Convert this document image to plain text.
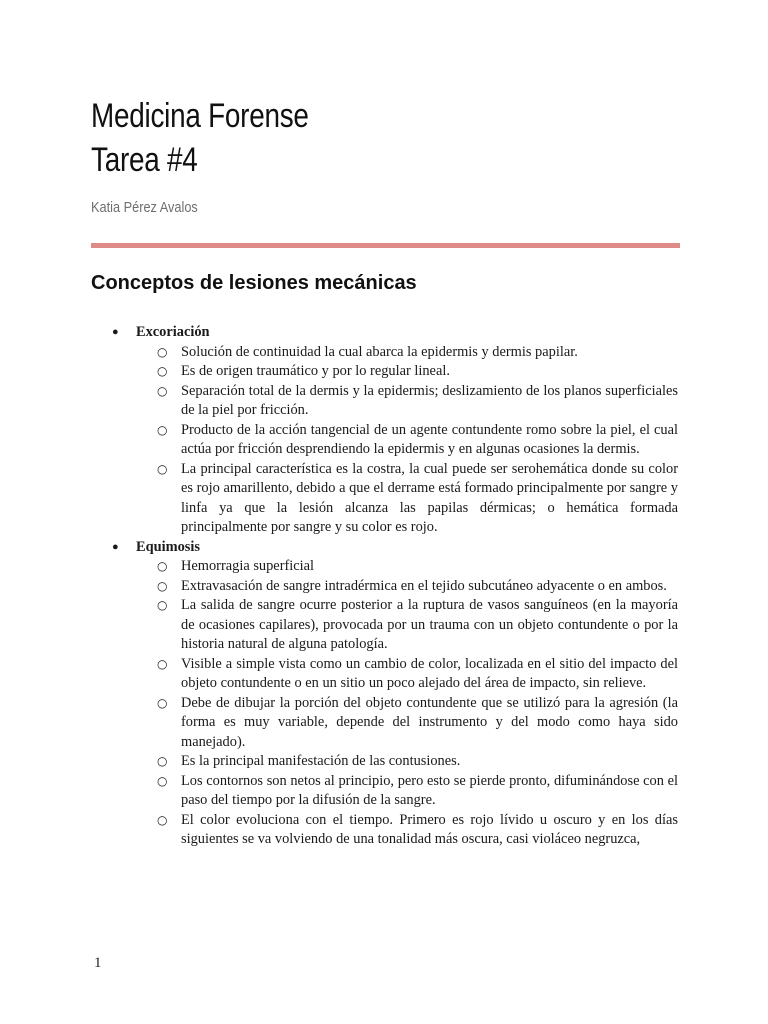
Medicina Forense
Tarea #4
Katia Pérez Avalos
Conceptos de lesiones mecánicas
● Excoriación
○ Solución de continuidad la cual abarca la epidermis y dermis papilar.
○ Es de origen traumático y por lo regular lineal.
○ Separación total de la dermis y la epidermis; deslizamiento de los planos superficiales de la piel por fricción.
○ Producto de la acción tangencial de un agente contundente romo sobre la piel, el cual actúa por fricción desprendiendo la epidermis y en algunas ocasiones la dermis.
○ La principal característica es la costra, la cual puede ser serohemática donde su color es rojo amarillento, debido a que el derrame está formado principalmente por sangre y linfa ya que la lesión alcanza las papilas dérmicas; o hemática formada principalmente por sangre y su color es rojo.
● Equimosis
○ Hemorragia superficial
○ Extravasación de sangre intradérmica en el tejido subcutáneo adyacente o en ambos.
○ La salida de sangre ocurre posterior a la ruptura de vasos sanguíneos (en la mayoría de ocasiones capilares), provocada por un trauma con un objeto contundente o por la historia natural de alguna patología.
○ Visible a simple vista como un cambio de color, localizada en el sitio del impacto del objeto contundente o en un sitio un poco alejado del área de impacto, sin relieve.
○ Debe de dibujar la porción del objeto contundente que se utilizó para la agresión (la forma es muy variable, depende del instrumento y del modo como haya sido manejado).
○ Es la principal manifestación de las contusiones.
○ Los contornos son netos al principio, pero esto se pierde pronto, difuminándose con el paso del tiempo por la difusión de la sangre.
○ El color evoluciona con el tiempo. Primero es rojo lívido u oscuro y en los días siguientes se va volviendo de una tonalidad más oscura, casi violáceo negruzca,
1
